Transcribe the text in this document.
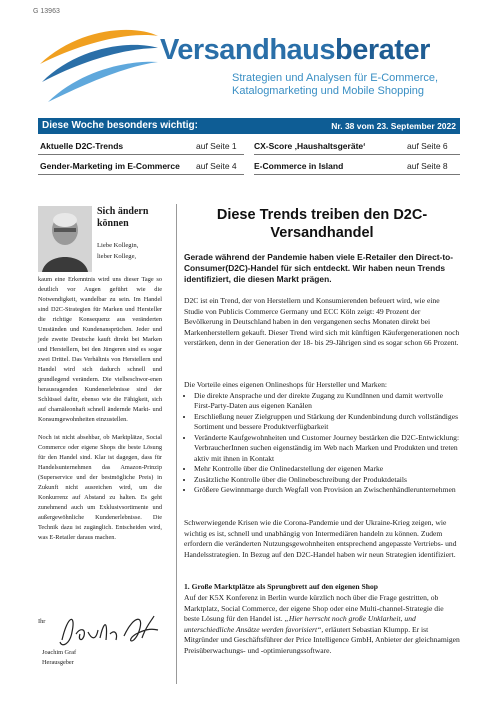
G 13963
Versandhausberater
Strategien und Analysen für E-Commerce,
Katalogmarketing und Mobile Shopping
Diese Woche besonders wichtig:	Nr. 38 vom 23. September 2022
Aktuelle D2C-Trends	auf Seite 1 CX-Score ‚Haushaltsgeräte‘	auf Seite 6
Gender-Marketing im E-Commerce auf Seite 4 E-Commerce in Island	auf Seite 8
Sich ändern
können
Liebe Kollegin,
lieber Kollege,

kaum eine Erkenntnis wird uns dieser Tage so deutlich vor Augen geführt wie die Notwendigkeit, wandelbar zu sein. Im Handel sind D2C-Strategien für Marken und Hersteller die richtige Konsequenz aus veränderten Umständen und Kundenansprüchen. Jeder und jede zweite Deutsche kauft direkt bei Marken und Herstellern, bei den Jüngeren sind es sogar zwei Drittel. Das Verhältnis von Herstellern und Handel wird sich dadurch schnell und grundlegend verändern. Die vielbeschwor-enen herausragenden Kundenerlebnisse sind der Schlüssel dafür, ebenso wie die Fähigkeit, sich auf chamäleonhaft schnell ändernde Markt- und Konsumgewohnheiten einzustellen.

Noch ist nicht absehbar, ob Marktplätze, Social Commerce oder eigene Shops die beste Lösung für den Handel sind. Klar ist dagegen, dass für Handelsunternehmen das Amazon-Prinzip (Superservice und der bestmögliche Preis) in Zukunft nicht ausreichen wird, um die Konkurrenz auf Abstand zu halten. Es geht zunehmend auch um Exklusivsortimente und außergewöhnliche Kundenerlebnisse. Die Technik dazu ist zugänglich. Entscheiden wird, was E-Retailer daraus machen.

Ihr
Joachim Graf
Herausgeber
Diese Trends treiben den D2C-Versandhandel
Gerade während der Pandemie haben viele E-Retailer den Direct-to-Consumer(D2C)-Handel für sich entdeckt. Wir haben neun Trends identifiziert, die diesen Markt prägen.

D2C ist ein Trend, der von Herstellern und Konsumierenden befeuert wird, wie eine Studie von Publicis Commerce Germany und ECC Köln zeigt: 49 Prozent der Bevölkerung in Deutschland haben in den vergangenen sechs Monaten direkt bei Markenherstellern gekauft. Dieser Trend wird sich mit künftigen Käufergenerationen noch verstärken, denn in der Generation der 18- bis 29-Jährigen sind es sogar schon 66 Prozent.

Die Vorteile eines eigenen Onlineshops für Hersteller und Marken:

• Die direkte Ansprache und der direkte Zugang zu KundInnen und damit wertvolle First-Party-Daten aus eigenen Kanälen
• Erschließung neuer Zielgruppen und Stärkung der Kundenbindung durch vollständiges Sortiment und bessere Produktverfügbarkeit
• Veränderte Kaufgewohnheiten und Customer Journey bestärken die D2C-Entwicklung: VerbraucherInnen suchen eigenständig im Web nach Marken und Produkten und treten aktiv mit ihnen in Kontakt
• Mehr Kontrolle über die Onlinedarstellung der eigenen Marke
• Zusätzliche Kontrolle über die Onlinebeschreibung der Produktdetails
• Größere Gewinnmarge durch Wegfall von Provision an Zwischenhändlerunternehmen

Schwerwiegende Krisen wie die Corona-Pandemie und der Ukraine-Krieg zeigen, wie wichtig es ist, schnell und unabhängig von Intermediären handeln zu können. Zudem erfordern die veränderten Nutzungsgewohnheiten entsprechend angepasste Vertriebs- und Handelsstrategien. In Bezug auf den D2C-Handel haben wir neun Strategien identifiziert.

1. Große Marktplätze als Sprungbrett auf den eigenen Shop

Auf der K5X Konferenz in Berlin wurde kürzlich noch über die Frage gestritten, ob Marktplatz, Social Commerce, der eigene Shop oder eine Multi-channel-Strategie die beste Lösung für den Handel ist. „Hier herrscht noch große Unklarheit, und unterschiedliche Ansätze werden favorisiert“, erläutert Sebastian Klumpp. Er ist Mitgründer und Geschäftsführer der Price Intelligence GmbH, Anbieter der gleichnamigen Preisüberwachungs- und -optimierungssoftware.
